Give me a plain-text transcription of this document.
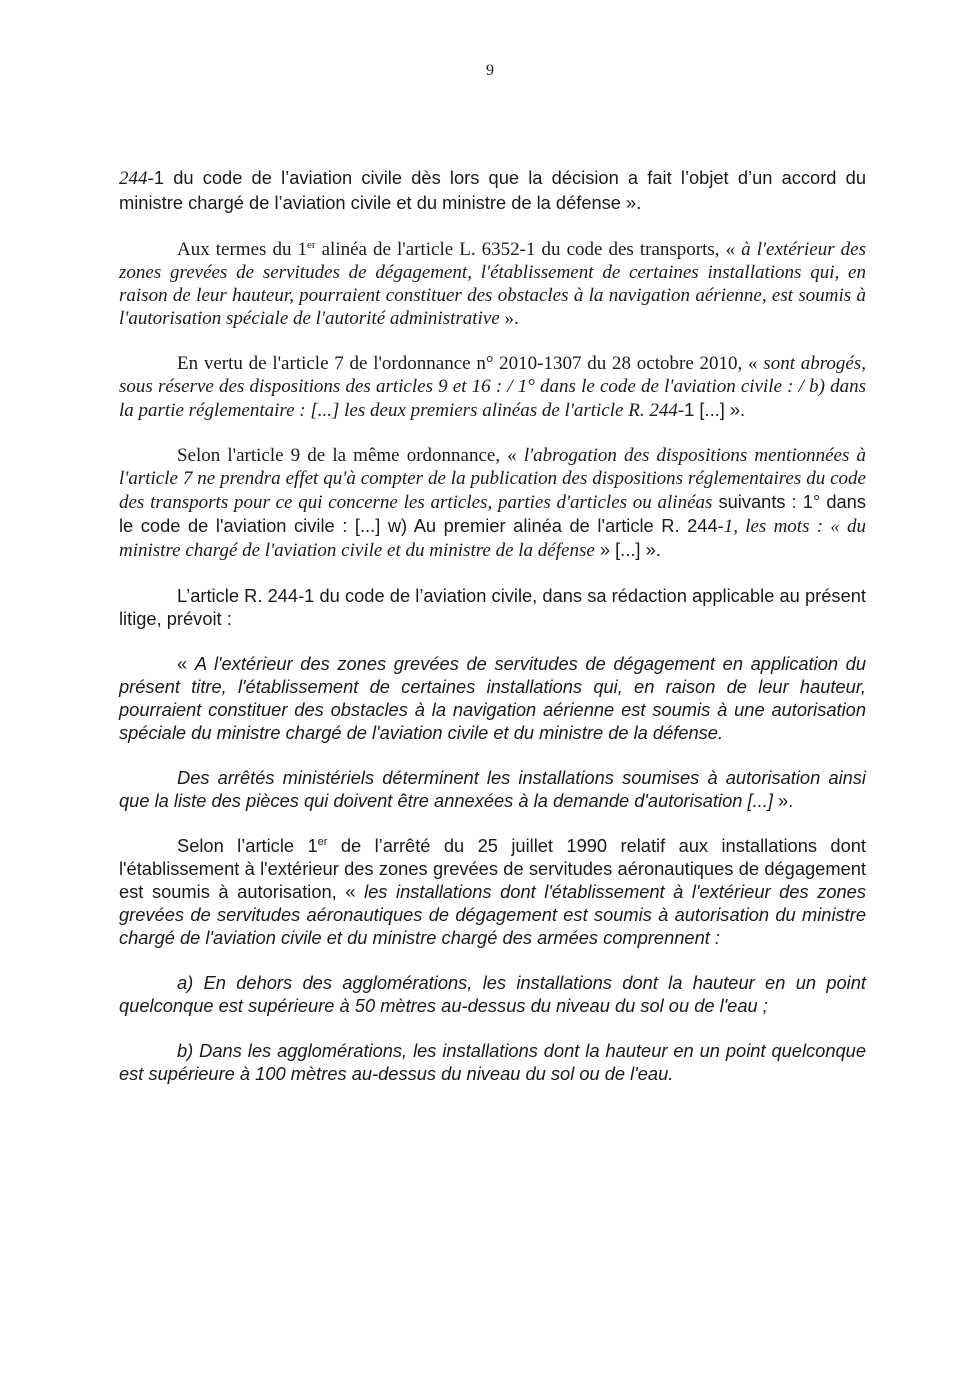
9

244-1 du code de l’aviation civile dès lors que la décision a fait l’objet d’un accord du ministre chargé de l’aviation civile et du ministre de la défense ».

Aux termes du 1er alinéa de l'article L. 6352-1 du code des transports, « à l'extérieur des zones grevées de servitudes de dégagement, l'établissement de certaines installations qui, en raison de leur hauteur, pourraient constituer des obstacles à la navigation aérienne, est soumis à l'autorisation spéciale de l'autorité administrative ».

En vertu de l'article 7 de l'ordonnance n° 2010-1307 du 28 octobre 2010, « sont abrogés, sous réserve des dispositions des articles 9 et 16 : / 1° dans le code de l'aviation civile : / b) dans la partie réglementaire : [...] les deux premiers alinéas de l'article R. 244-1 [...] ».

Selon l'article 9 de la même ordonnance, « l'abrogation des dispositions mentionnées à l'article 7 ne prendra effet qu'à compter de la publication des dispositions réglementaires du code des transports pour ce qui concerne les articles, parties d'articles ou alinéas suivants : 1° dans le code de l'aviation civile : [...] w) Au premier alinéa de l'article R. 244-1, les mots : « du ministre chargé de l'aviation civile et du ministre de la défense » [...] ».

L’article R. 244-1 du code de l’aviation civile, dans sa rédaction applicable au présent litige, prévoit :

« A l'extérieur des zones grevées de servitudes de dégagement en application du présent titre, l'établissement de certaines installations qui, en raison de leur hauteur, pourraient constituer des obstacles à la navigation aérienne est soumis à une autorisation spéciale du ministre chargé de l'aviation civile et du ministre de la défense.

Des arrêtés ministériels déterminent les installations soumises à autorisation ainsi que la liste des pièces qui doivent être annexées à la demande d'autorisation [...] ».

Selon l’article 1er de l’arrêté du 25 juillet 1990 relatif aux installations dont l'établissement à l'extérieur des zones grevées de servitudes aéronautiques de dégagement est soumis à autorisation, « les installations dont l'établissement à l'extérieur des zones grevées de servitudes aéronautiques de dégagement est soumis à autorisation du ministre chargé de l'aviation civile et du ministre chargé des armées comprennent :

a) En dehors des agglomérations, les installations dont la hauteur en un point quelconque est supérieure à 50 mètres au-dessus du niveau du sol ou de l'eau ;

b) Dans les agglomérations, les installations dont la hauteur en un point quelconque est supérieure à 100 mètres au-dessus du niveau du sol ou de l'eau.
